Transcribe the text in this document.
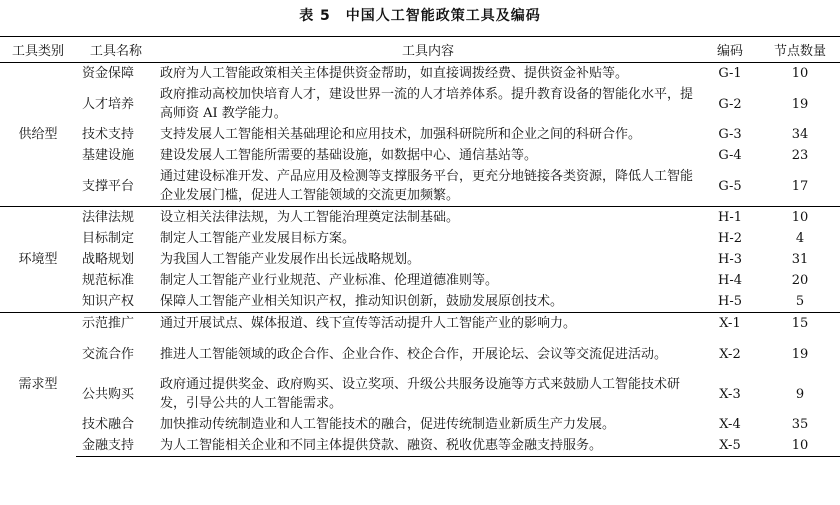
表 5　中国人工智能政策工具及编码
工具类别	工具名称	工具内容	编码	节点数量
供给型	资金保障	政府为人工智能政策相关主体提供资金帮助，如直接调拨经费、提供资金补贴等。	G-1	10
	人才培养	政府推动高校加快培育人才，建设世界一流的人才培养体系。提升教育设备的智能化水平，提高师资 AI 教学能力。	G-2	19
	技术支持	支持发展人工智能相关基础理论和应用技术，加强科研院所和企业之间的科研合作。	G-3	34
	基建设施	建设发展人工智能所需要的基础设施，如数据中心、通信基站等。	G-4	23
	支撑平台	通过建设标准开发、产品应用及检测等支撑服务平台，更充分地链接各类资源，降低人工智能企业发展门槛，促进人工智能领域的交流更加频繁。	G-5	17
环境型	法律法规	设立相关法律法规，为人工智能治理奠定法制基础。	H-1	10
	目标制定	制定人工智能产业发展目标方案。	H-2	4
	战略规划	为我国人工智能产业发展作出长远战略规划。	H-3	31
	规范标准	制定人工智能产业行业规范、产业标准、伦理道德准则等。	H-4	20
	知识产权	保障人工智能产业相关知识产权，推动知识创新，鼓励发展原创技术。	H-5	5
需求型	示范推广	通过开展试点、媒体报道、线下宣传等活动提升人工智能产业的影响力。	X-1	15
	交流合作	推进人工智能领域的政企合作、企业合作、校企合作，开展论坛、会议等交流促进活动。	X-2	19
	公共购买	政府通过提供奖金、政府购买、设立奖项、升级公共服务设施等方式来鼓励人工智能技术研发，引导公共的人工智能需求。	X-3	9
	技术融合	加快推动传统制造业和人工智能技术的融合，促进传统制造业新质生产力发展。	X-4	35
	金融支持	为人工智能相关企业和不同主体提供贷款、融资、税收优惠等金融支持服务。	X-5	10
